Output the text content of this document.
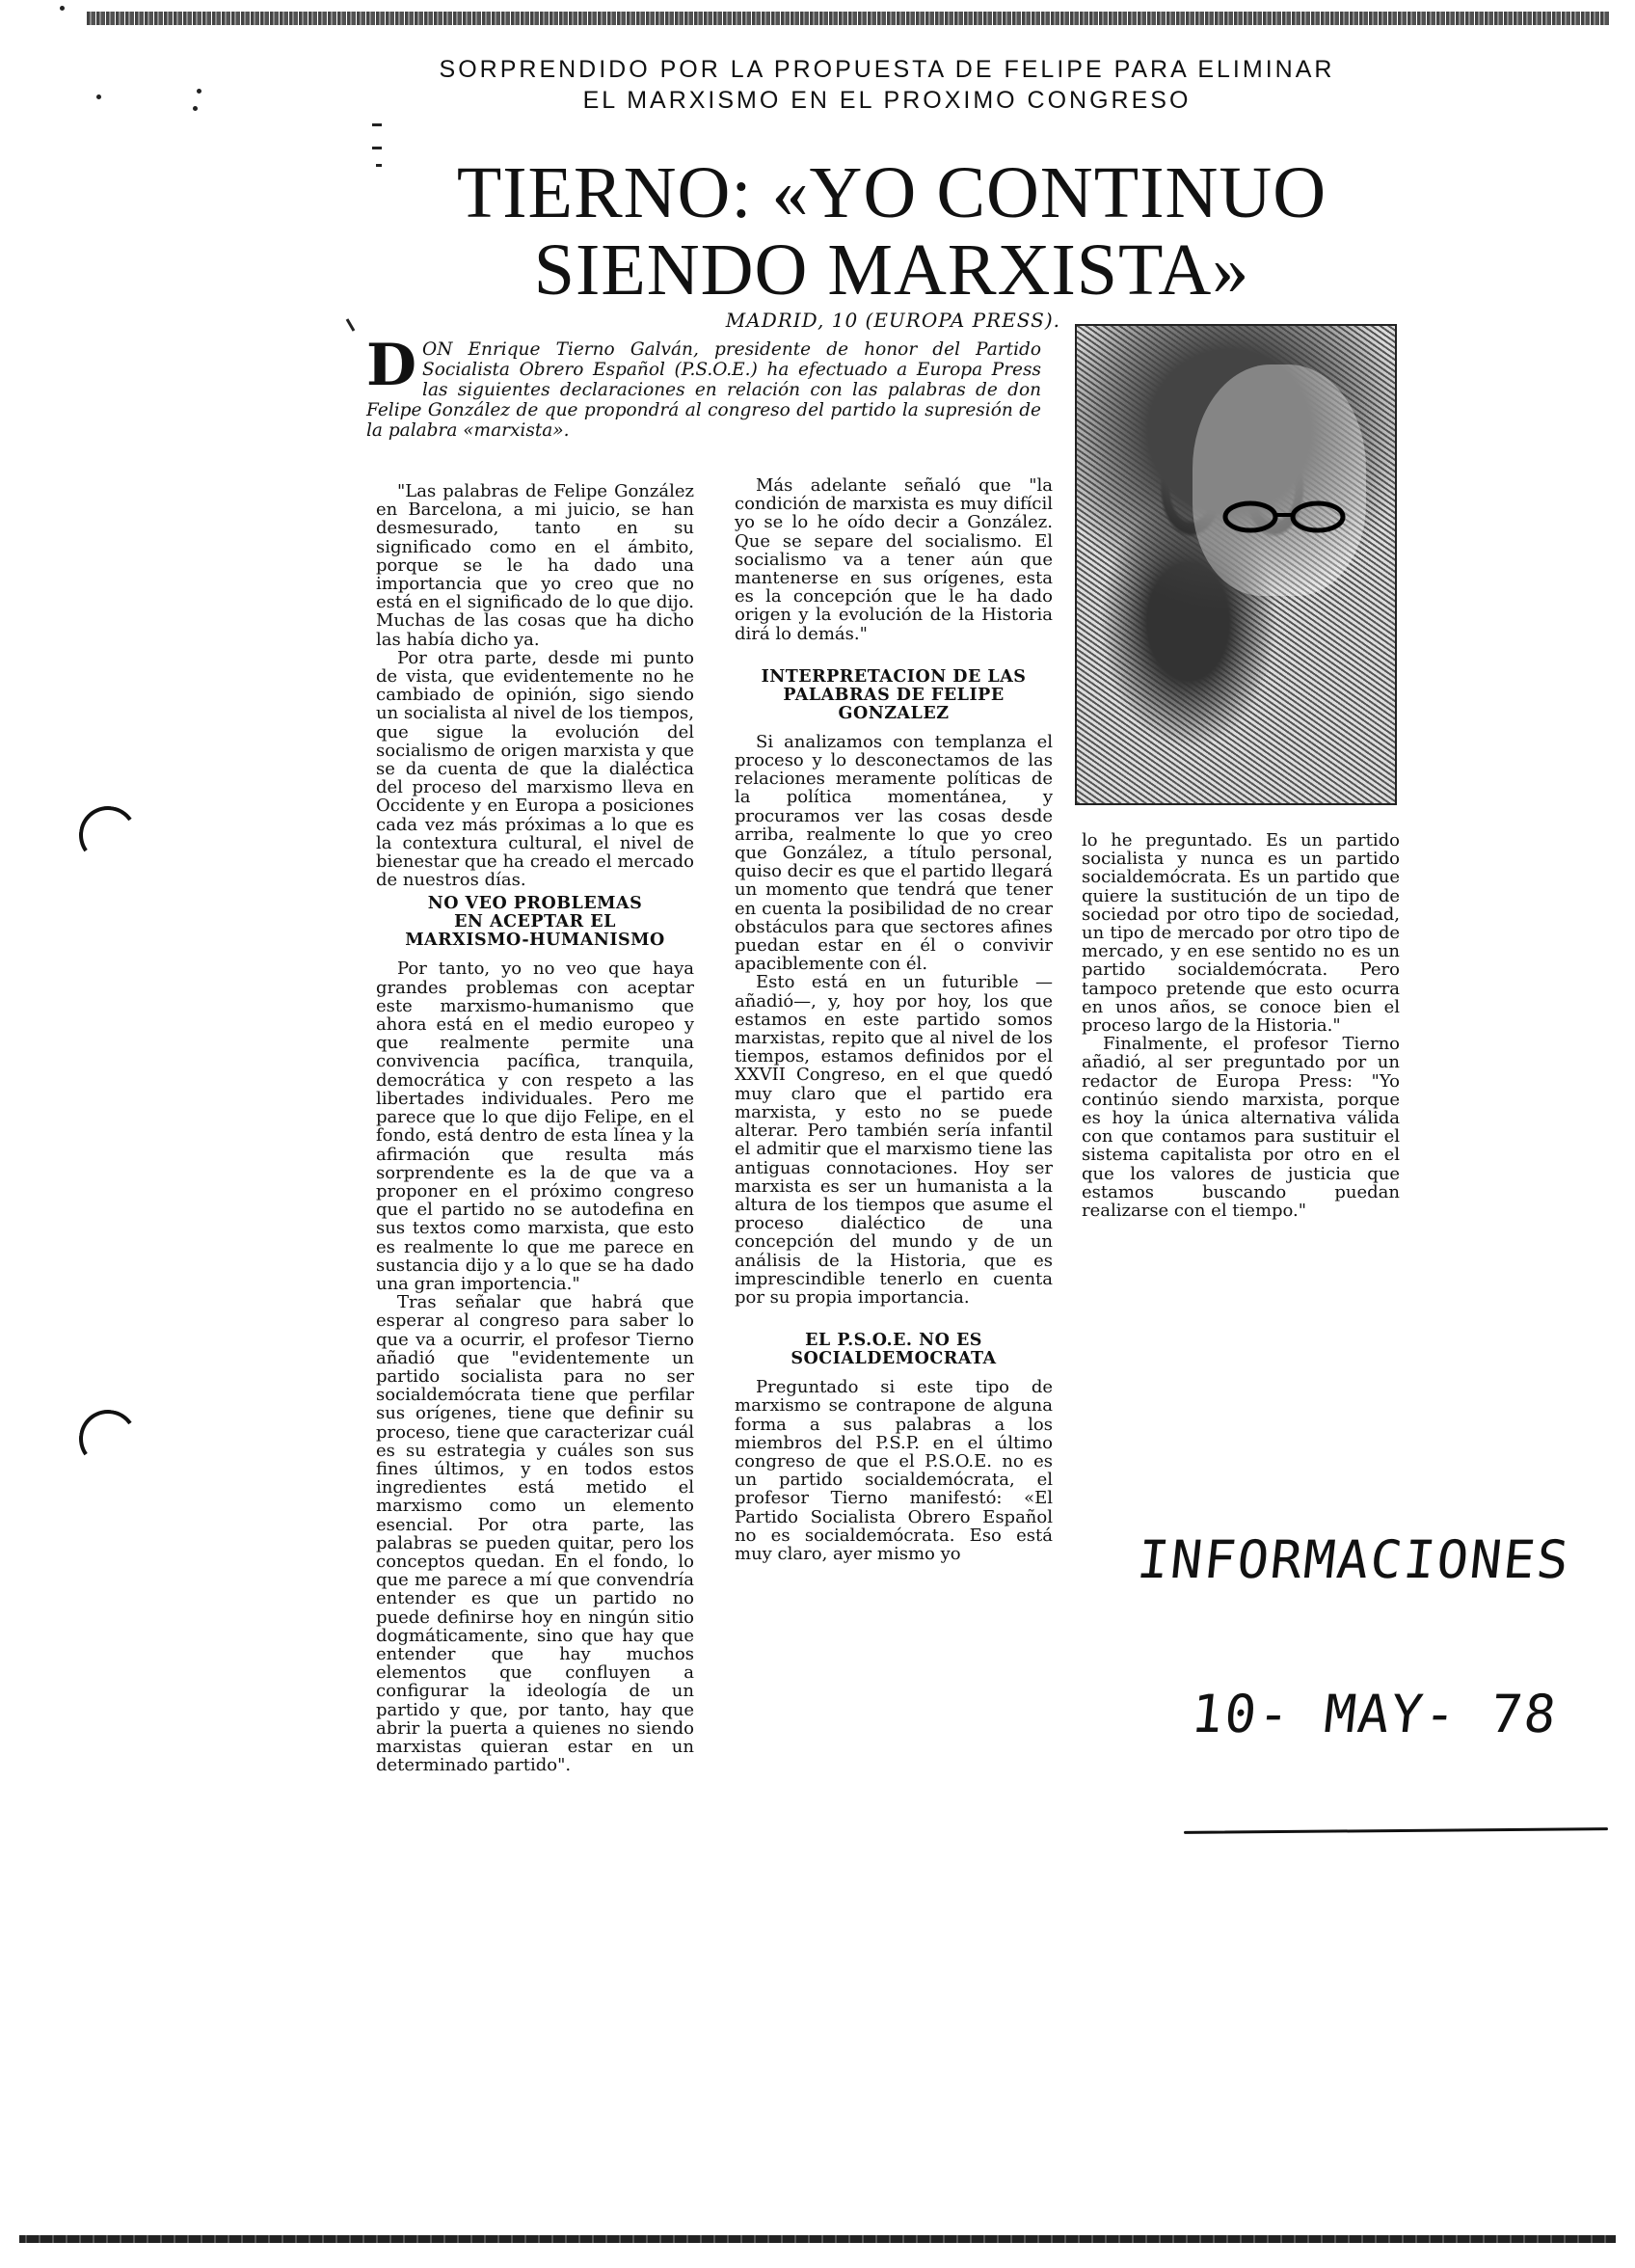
SORPRENDIDO POR LA PROPUESTA DE FELIPE PARA ELIMINAR
EL MARXISMO EN EL PROXIMO CONGRESO
TIERNO: «YO CONTINUO
SIENDO MARXISTA»
MADRID, 10 (EUROPA PRESS).
DON Enrique Tierno Galván, presidente de honor del Partido Socialista Obrero Español (P.S.O.E.) ha efectuado a Europa Press las siguientes declaraciones en relación con las palabras de don Felipe González de que propondrá al congreso del partido la supresión de la palabra «marxista».

"Las palabras de Felipe González en Barcelona, a mi juicio, se han desmesurado, tanto en su significado como en el ámbito, porque se le ha dado una importancia que yo creo que no está en el significado de lo que dijo. Muchas de las cosas que ha dicho las había dicho ya.

Por otra parte, desde mi punto de vista, que evidentemente no he cambiado de opinión, sigo siendo un socialista al nivel de los tiempos, que sigue la evolución del socialismo de origen marxista y que se da cuenta de que la dialéctica del proceso del marxismo lleva en Occidente y en Europa a posiciones cada vez más próximas a lo que es la contextura cultural, el nivel de bienestar que ha creado el mercado de nuestros días.

NO VEO PROBLEMAS
EN ACEPTAR EL
MARXISMO-HUMANISMO

Por tanto, yo no veo que haya grandes problemas con aceptar este marxismo-humanismo que ahora está en el medio europeo y que realmente permite una convivencia pacífica, tranquila, democrática y con respeto a las libertades individuales. Pero me parece que lo que dijo Felipe, en el fondo, está dentro de esta línea y la afirmación que resulta más sorprendente es la de que va a proponer en el próximo congreso que el partido no se autodefina en sus textos como marxista, que esto es realmente lo que me parece en sustancia dijo y a lo que se ha dado una gran importencia."

Tras señalar que habrá que esperar al congreso para saber lo que va a ocurrir, el profesor Tierno añadió que "evidentemente un partido socialista para no ser socialdemócrata tiene que perfilar sus orígenes, tiene que definir su proceso, tiene que caracterizar cuál es su estrategia y cuáles son sus fines últimos, y en todos estos ingredientes está metido el marxismo como un elemento esencial. Por otra parte, las palabras se pueden quitar, pero los conceptos quedan. En el fondo, lo que me parece a mí que convendría entender es que un partido no puede definirse hoy en ningún sitio dogmáticamente, sino que hay que entender que hay muchos elementos que confluyen a configurar la ideología de un partido y que, por tanto, hay que abrir la puerta a quienes no siendo marxistas quieran estar en un determinado partido".

Más adelante señaló que "la condición de marxista es muy difícil yo se lo he oído decir a González. Que se separe del socialismo. El socialismo va a tener aún que mantenerse en sus orígenes, esta es la concepción que le ha dado origen y la evolución de la Historia dirá lo demás."

INTERPRETACION DE LAS
PALABRAS DE FELIPE
GONZALEZ

Si analizamos con templanza el proceso y lo desconectamos de las relaciones meramente políticas de la política momentánea, y procuramos ver las cosas desde arriba, realmente lo que yo creo que González, a título personal, quiso decir es que el partido llegará un momento que tendrá que tener en cuenta la posibilidad de no crear obstáculos para que sectores afines puedan estar en él o convivir apaciblemente con él.

Esto está en un futurible —añadió—, y, hoy por hoy, los que estamos en este partido somos marxistas, repito que al nivel de los tiempos, estamos definidos por el XXVII Congreso, en el que quedó muy claro que el partido era marxista, y esto no se puede alterar. Pero también sería infantil el admitir que el marxismo tiene las antiguas connotaciones. Hoy ser marxista es ser un humanista a la altura de los tiempos que asume el proceso dialéctico de una concepción del mundo y de un análisis de la Historia, que es imprescindible tenerlo en cuenta por su propia importancia.

EL P.S.O.E. NO ES
SOCIALDEMOCRATA

Preguntado si este tipo de marxismo se contrapone de alguna forma a sus palabras a los miembros del P.S.P. en el último congreso de que el P.S.O.E. no es un partido socialdemócrata, el profesor Tierno manifestó: «El Partido Socialista Obrero Español no es socialdemócrata. Eso está muy claro, ayer mismo yo

lo he preguntado. Es un partido socialista y nunca es un partido socialdemócrata. Es un partido que quiere la sustitución de un tipo de sociedad por otro tipo de sociedad, un tipo de mercado por otro tipo de mercado, y en ese sentido no es un partido socialdemócrata. Pero tampoco pretende que esto ocurra en unos años, se conoce bien el proceso largo de la Historia."

Finalmente, el profesor Tierno añadió, al ser preguntado por un redactor de Europa Press: "Yo continúo siendo marxista, porque es hoy la única alternativa válida con que contamos para sustituir el sistema capitalista por otro en el que los valores de justicia que estamos buscando puedan realizarse con el tiempo."

INFORMACIONES
10- MAY- 78
